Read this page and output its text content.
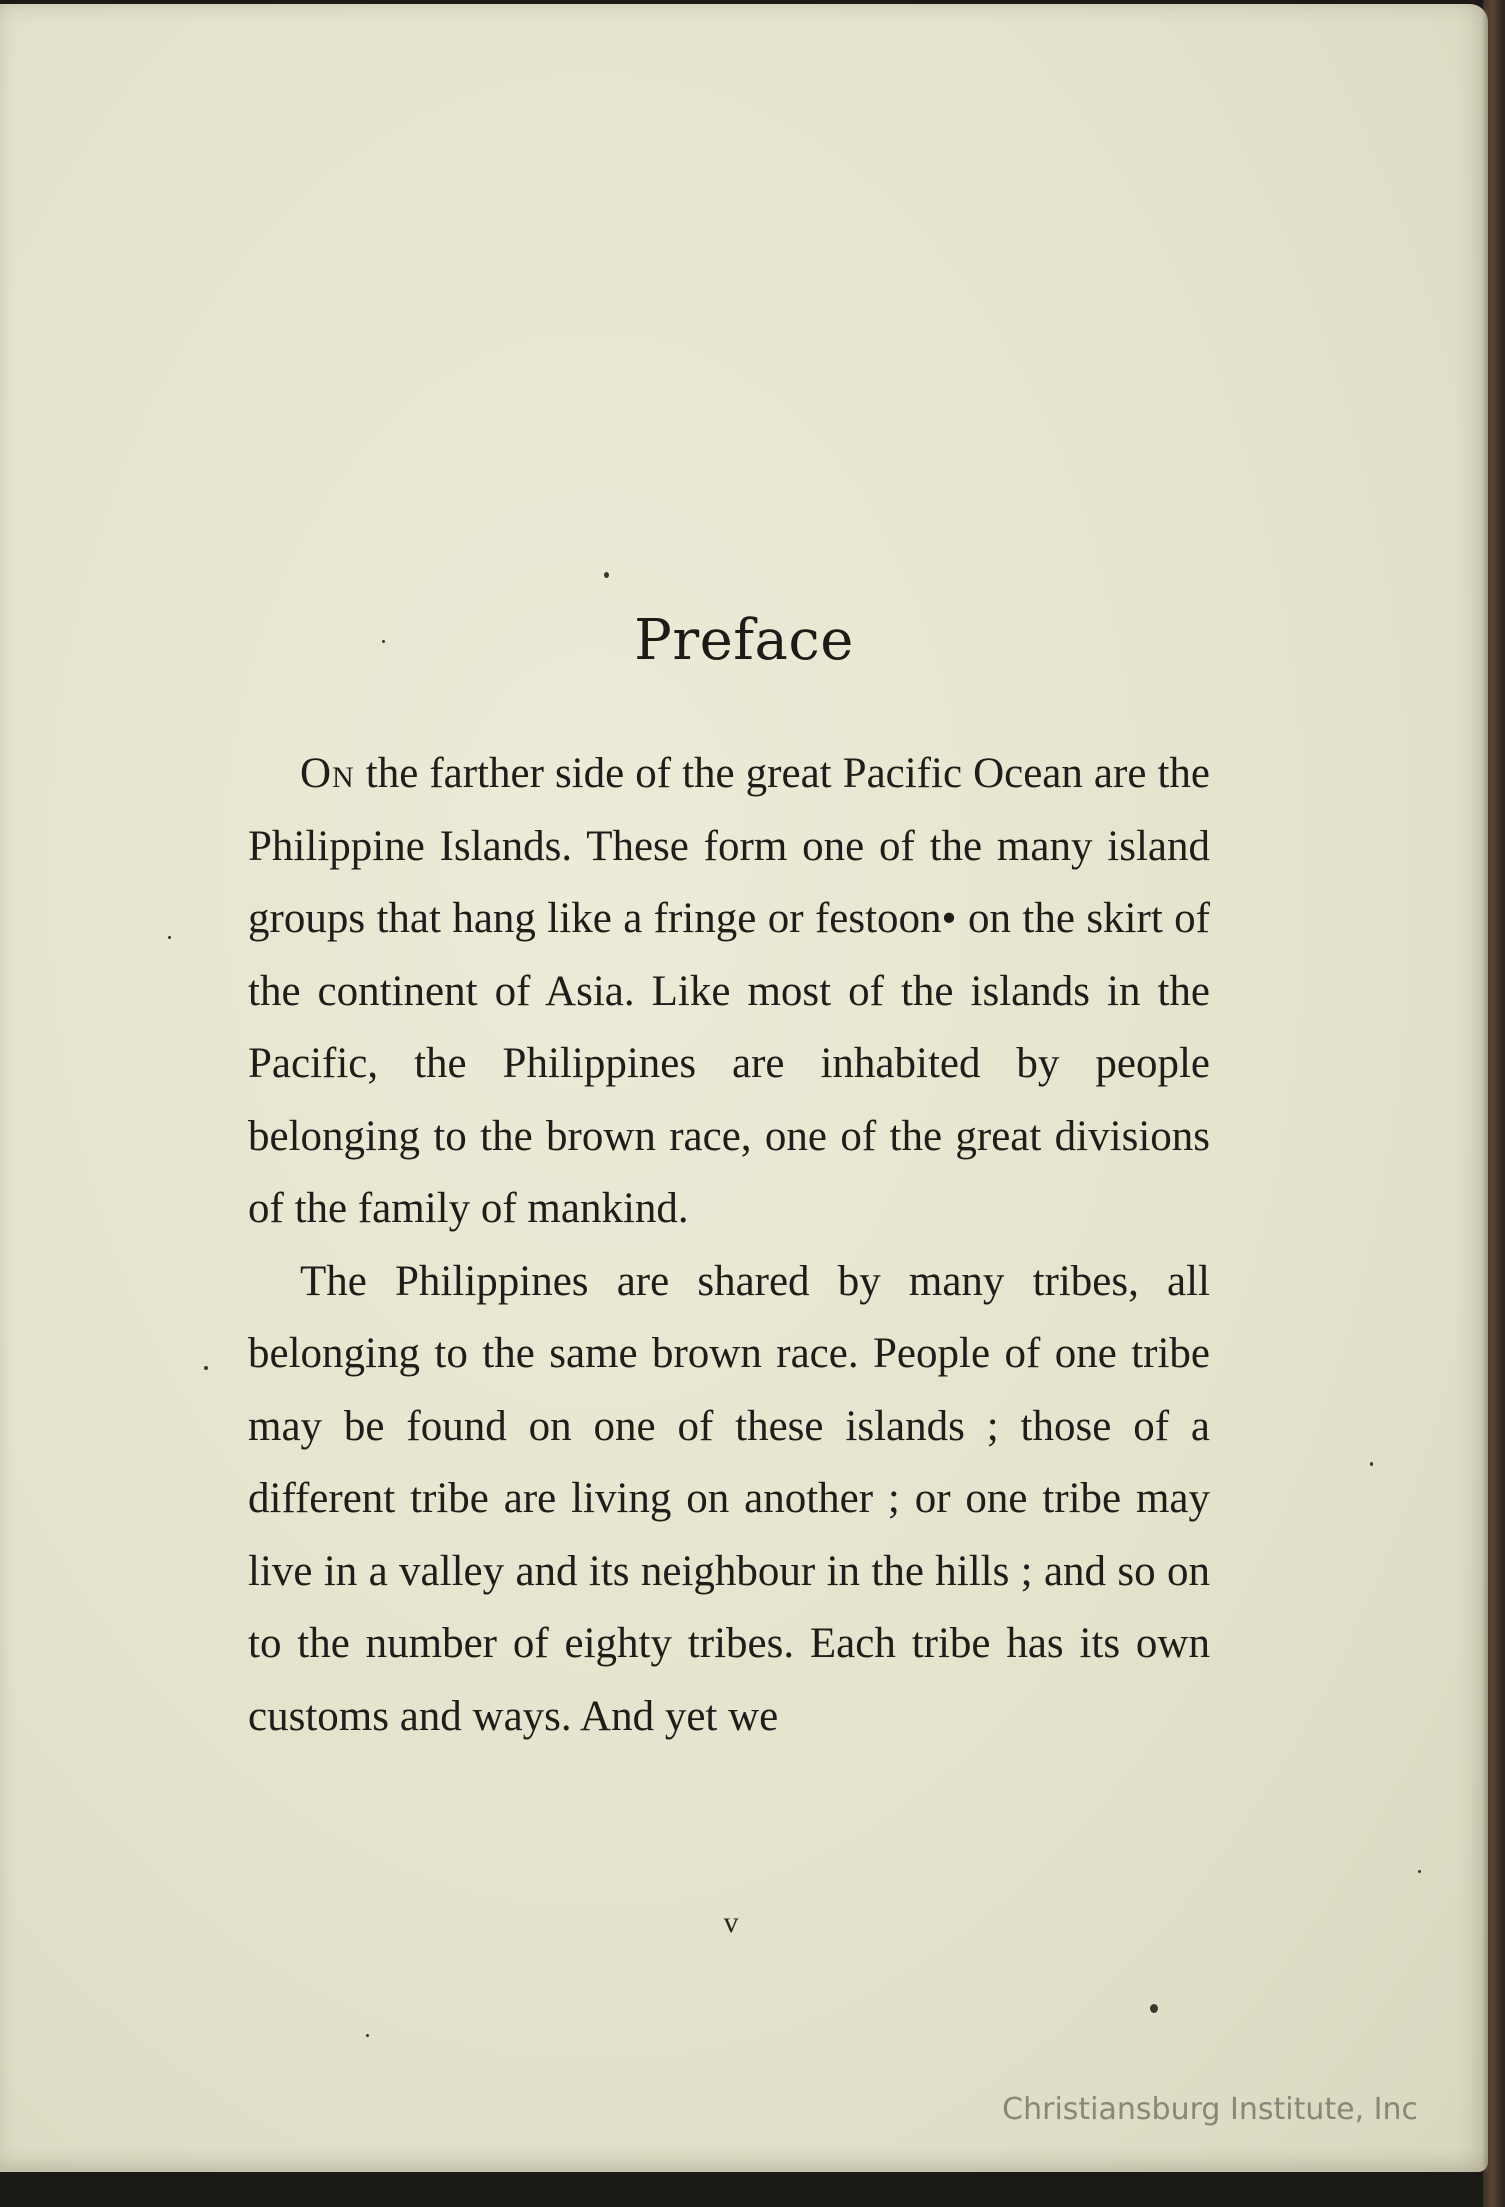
Preface

On the farther side of the great Pacific Ocean are the Philippine Islands. These form one of the many island groups that hang like a fringe or festoon• on the skirt of the continent of Asia. Like most of the islands in the Pacific, the Philippines are inhabited by people belonging to the brown race, one of the great divisions of the family of mankind.

The Philippines are shared by many tribes, all belonging to the same brown race. People of one tribe may be found on one of these islands ; those of a different tribe are living on another ; or one tribe may live in a valley and its neighbour in the hills ; and so on to the number of eighty tribes. Each tribe has its own customs and ways. And yet we

v
Christiansburg Institute, Inc
